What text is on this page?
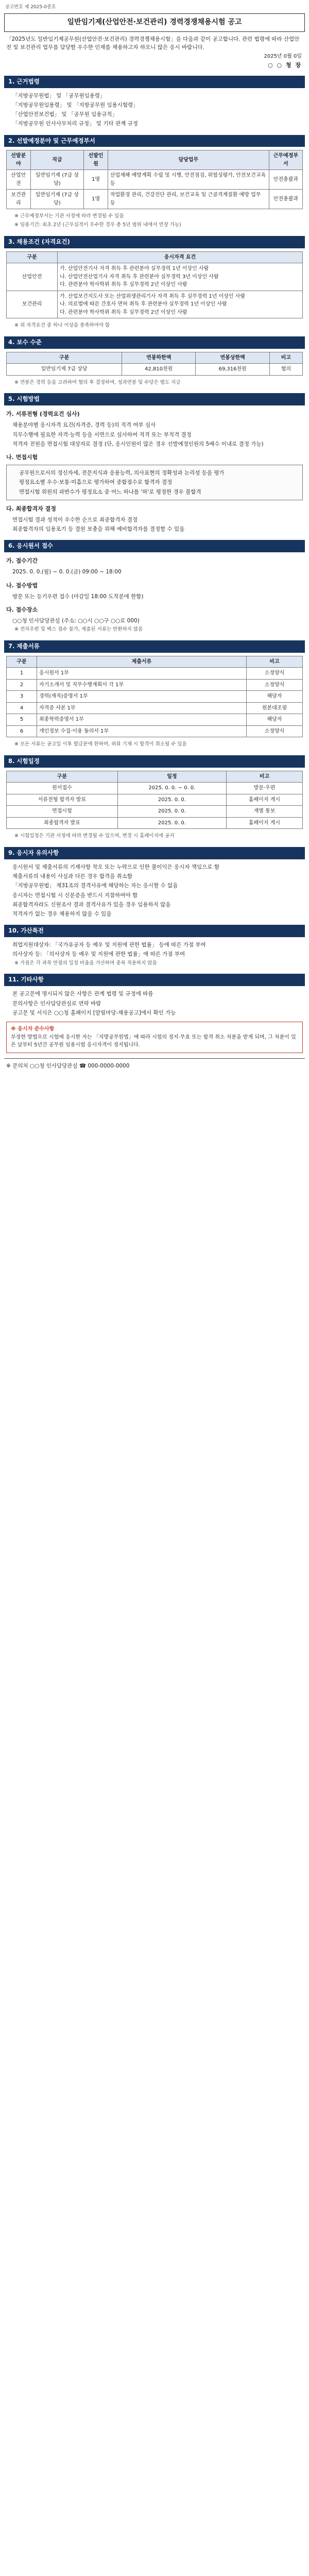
공고번호 제 2025-0종호
일반임기제(산업안전·보건관리) 경력경쟁채용시험 공고
「2025년도 일반임기제공무원(산업안전·보건관리) 경력경쟁채용시험」을 다음과 같이 공고합니다. 관련 법령에 따라 산업안전 및 보건관리 업무를 담당할 우수한 인재를 채용하고자 하오니 많은 응시 바랍니다.
2025년 0월 0일
○ ○ 청 장
1. 근거법령
「지방공무원법」 및 「공무원임용령」
「지방공무원임용령」 및 「지방공무원 임용시험령」
「산업안전보건법」 및 「공무원 임용규칙」
「지방공무원 인사사무처리 규정」 및 기타 관계 규정
2. 선발예정분야 및 근무예정부서
선발분야	직급	선발인원	담당업무	근무예정부서
산업안전	일반임기제 (7급 상당)	1명	산업재해 예방계획 수립 및 시행, 안전점검, 위험성평가, 안전보건교육 등	안전총괄과
보건관리	일반임기제 (7급 상당)	1명	작업환경 관리, 건강진단 관리, 보건교육 및 근골격계질환 예방 업무 등	안전총괄과
※ 근무예정부서는 기관 사정에 따라 변경될 수 있음
※ 임용기간: 최초 2년 (근무실적이 우수한 경우 총 5년 범위 내에서 연장 가능)
3. 채용조건 (자격요건)
구분	응시자격 요건
산업안전	가. 산업안전기사 자격 취득 후 관련분야 실무경력 1년 이상인 사람
나. 산업안전산업기사 자격 취득 후 관련분야 실무경력 3년 이상인 사람
다. 관련분야 학사학위 취득 후 실무경력 2년 이상인 사람
보건관리	가. 산업보건지도사 또는 산업위생관리기사 자격 취득 후 실무경력 1년 이상인 사람
나. 의료법에 따른 간호사 면허 취득 후 관련분야 실무경력 1년 이상인 사람
다. 관련분야 학사학위 취득 후 실무경력 2년 이상인 사람
※ 위 자격요건 중 하나 이상을 충족하여야 함
4. 보수 수준
구분	연봉하한액	연봉상한액	비고
일반임기제 7급 상당	42,810천원	69,316천원	협의
※ 연봉은 경력 등을 고려하여 협의 후 결정하며, 성과연봉 및 수당은 별도 지급
5. 시험방법
가. 서류전형 (경력요건 심사)
채용분야별 응시자격 요건(자격증, 경력 등)의 적격 여부 심사
직무수행에 필요한 자격·능력 등을 서면으로 심사하여 적격 또는 부적격 결정
적격자 전원을 면접시험 대상자로 결정 (단, 응시인원이 많은 경우 선발예정인원의 5배수 이내로 결정 가능)
나. 면접시험
공무원으로서의 정신자세, 전문지식과 응용능력, 의사표현의 정확성과 논리성 등을 평가
평정요소별 우수·보통·미흡으로 평가하여 종합점수로 합격자 결정
면접시험 위원의 과반수가 평정요소 중 어느 하나를 '하'로 평정한 경우 불합격
다. 최종합격자 결정
면접시험 결과 성적이 우수한 순으로 최종합격자 결정
최종합격자의 임용포기 등 결원 보충을 위해 예비합격자를 결정할 수 있음
6. 응시원서 접수
가. 접수기간
2025. 0. 0.(월) ~ 0. 0.(금) 09:00 ~ 18:00
나. 접수방법
방문 또는 등기우편 접수 (마감일 18:00 도착분에 한함)
다. 접수장소
○○청 인사담당관실 (주소: ○○시 ○○구 ○○로 000)
※ 전자우편 및 팩스 접수 불가, 제출된 서류는 반환하지 않음
7. 제출서류
구분	제출서류	비고
1	응시원서 1부	소정양식
2	자기소개서 및 직무수행계획서 각 1부	소정양식
3	경력(재직)증명서 1부	해당자
4	자격증 사본 1부	원본대조필
5	최종학력증명서 1부	해당자
6	개인정보 수집·이용 동의서 1부	소정양식
※ 모든 서류는 공고일 이후 발급분에 한하며, 허위 기재 시 합격이 취소될 수 있음
8. 시험일정
구분	일정	비고
원서접수	2025. 0. 0. ~ 0. 0.	방문·우편
서류전형 합격자 발표	2025. 0. 0.	홈페이지 게시
면접시험	2025. 0. 0.	개별 통보
최종합격자 발표	2025. 0. 0.	홈페이지 게시
※ 시험일정은 기관 사정에 따라 변경될 수 있으며, 변경 시 홈페이지에 공지
9. 응시자 유의사항
응시원서 및 제출서류의 기재사항 착오 또는 누락으로 인한 불이익은 응시자 책임으로 함
제출서류의 내용이 사실과 다른 경우 합격을 취소함
「지방공무원법」 제31조의 결격사유에 해당하는 자는 응시할 수 없음
응시자는 면접시험 시 신분증을 반드시 지참하여야 함
최종합격자라도 신원조사 결과 결격사유가 있을 경우 임용하지 않음
적격자가 없는 경우 채용하지 않을 수 있음
10. 가산특전
취업지원대상자: 「국가유공자 등 예우 및 지원에 관한 법률」 등에 따른 가점 부여
의사상자 등: 「의사상자 등 예우 및 지원에 관한 법률」에 따른 가점 부여
※ 가점은 각 과목 만점의 일정 비율을 가산하며 중복 적용하지 않음
11. 기타사항
본 공고문에 명시되지 않은 사항은 관계 법령 및 규정에 따름
문의사항은 인사담당관실로 연락 바람
공고문 및 서식은 ○○청 홈페이지 [알림마당-채용공고]에서 확인 가능
※ 응시자 준수사항
부정한 방법으로 시험에 응시한 자는 「지방공무원법」에 따라 시험의 정지·무효 또는 합격 취소 처분을 받게 되며, 그 처분이 있은 날부터 5년간 공무원 임용시험 응시자격이 정지됩니다.
※ 문의처 ○○청 인사담당관실 ☎ 000-0000-0000
